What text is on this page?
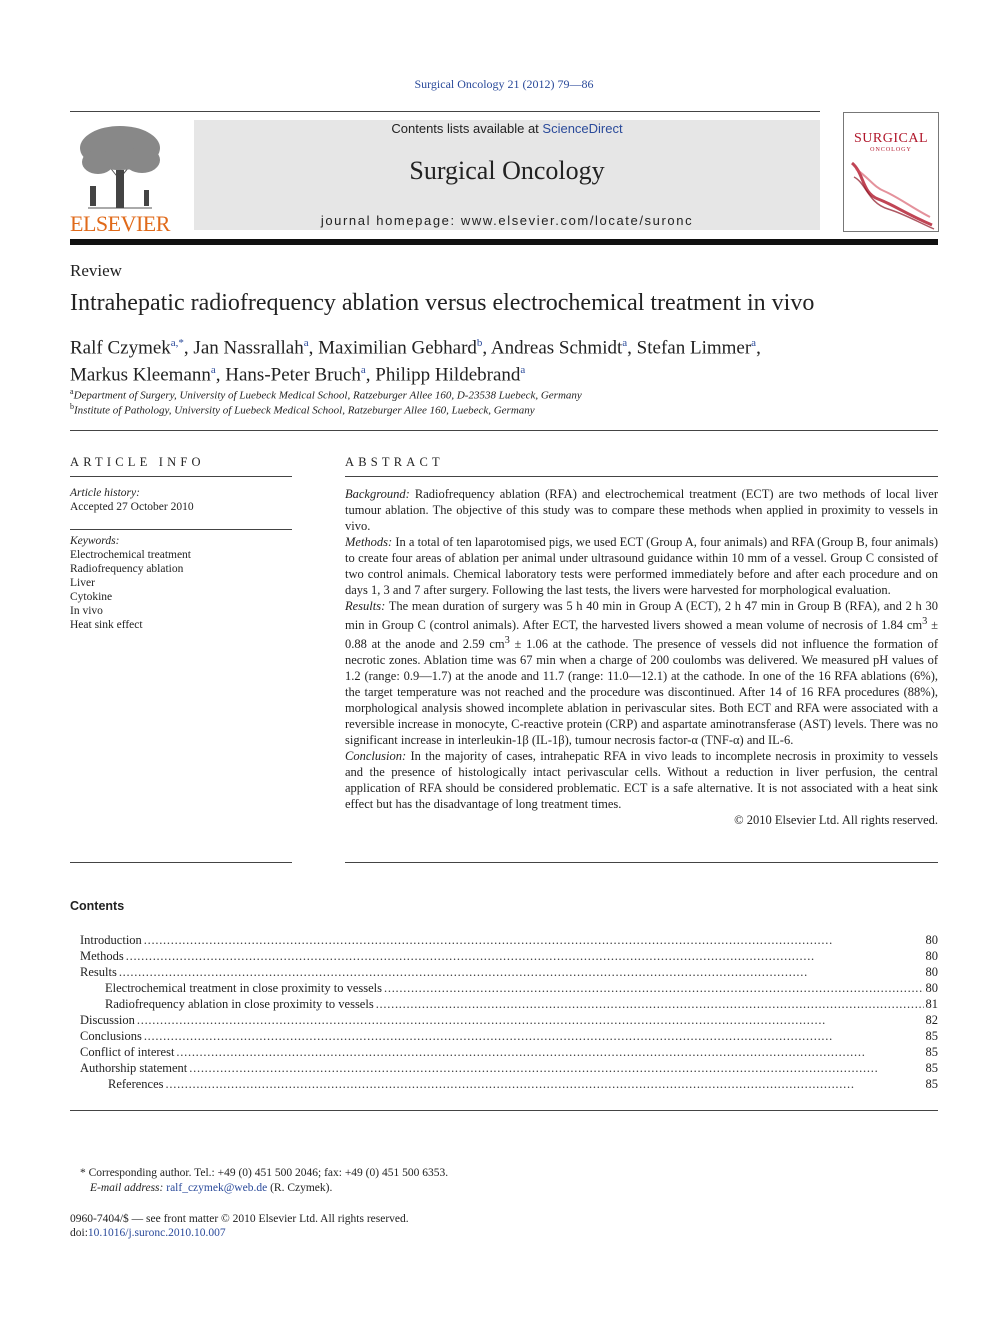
Surgical Oncology 21 (2012) 79—86
ELSEVIER
Contents lists available at ScienceDirect
Surgical Oncology
journal homepage: www.elsevier.com/locate/suronc
SURGICAL
ONCOLOGY
Review
Intrahepatic radiofrequency ablation versus electrochemical treatment in vivo
Ralf Czymek$^{a,*}$, Jan Nassrallah$^a$, Maximilian Gebhard$^b$, Andreas Schmidt$^a$, Stefan Limmer$^a$,
Markus Kleemann$^a$, Hans-Peter Bruch$^a$, Philipp Hildebrand$^a$
$^a$Department of Surgery, University of Luebeck Medical School, Ratzeburger Allee 160, D-23538 Luebeck, Germany
$^b$Institute of Pathology, University of Luebeck Medical School, Ratzeburger Allee 160, Luebeck, Germany
ARTICLE INFO
Article history:
Accepted 27 October 2010
Keywords:
Electrochemical treatment
Radiofrequency ablation
Liver
Cytokine
In vivo
Heat sink effect
ABSTRACT

Background: Radiofrequency ablation (RFA) and electrochemical treatment (ECT) are two methods of local liver tumour ablation. The objective of this study was to compare these methods when applied in proximity to vessels in vivo.

Methods: In a total of ten laparotomised pigs, we used ECT (Group A, four animals) and RFA (Group B, four animals) to create four areas of ablation per animal under ultrasound guidance within 10 mm of a vessel. Group C consisted of two control animals. Chemical laboratory tests were performed immediately before and after each procedure and on days 1, 3 and 7 after surgery. Following the last tests, the livers were harvested for morphological evaluation.

Results: The mean duration of surgery was 5 h 40 min in Group A (ECT), 2 h 47 min in Group B (RFA), and 2 h 30 min in Group C (control animals). After ECT, the harvested livers showed a mean volume of necrosis of 1.84 $cm^3 \pm 0.88$ at the anode and 2.59 $cm^3 \pm 1.06$ at the cathode. The presence of vessels did not influence the formation of necrotic zones. Ablation time was 67 min when a charge of 200 coulombs was delivered. We measured pH values of 1.2 (range: 0.9—1.7) at the anode and 11.7 (range: 11.0—12.1) at the cathode. In one of the 16 RFA ablations (6%), the target temperature was not reached and the procedure was discontinued. After 14 of 16 RFA procedures (88%), morphological analysis showed incomplete ablation in perivascular sites. Both ECT and RFA were associated with a reversible increase in monocyte, C-reactive protein (CRP) and aspartate aminotransferase (AST) levels. There was no significant increase in interleukin-1β (IL-1β), tumour necrosis factor-α (TNF-α) and IL-6.

Conclusion: In the majority of cases, intrahepatic RFA in vivo leads to incomplete necrosis in proximity to vessels and the presence of histologically intact perivascular cells. Without a reduction in liver perfusion, the central application of RFA should be considered problematic. ECT is a safe alternative. It is not associated with a heat sink effect but has the disadvantage of long treatment times.

© 2010 Elsevier Ltd. All rights reserved.

Contents
Introduction . . .	80
Methods . . .	80
Results . . .	80
Electrochemical treatment in close proximity to vessels . . .	80
Radiofrequency ablation in close proximity to vessels . . .	81
Discussion . . .	82
Conclusions . . .	85
Conflict of interest . . .	85
Authorship statement . . .	85
References . . .	85
* Corresponding author. Tel.: +49 (0) 451 500 2046; fax: +49 (0) 451 500 6353.
E-mail address: ralf_czymek@web.de (R. Czymek).
0960-7404/$ — see front matter © 2010 Elsevier Ltd. All rights reserved.
doi:10.1016/j.suronc.2010.10.007
